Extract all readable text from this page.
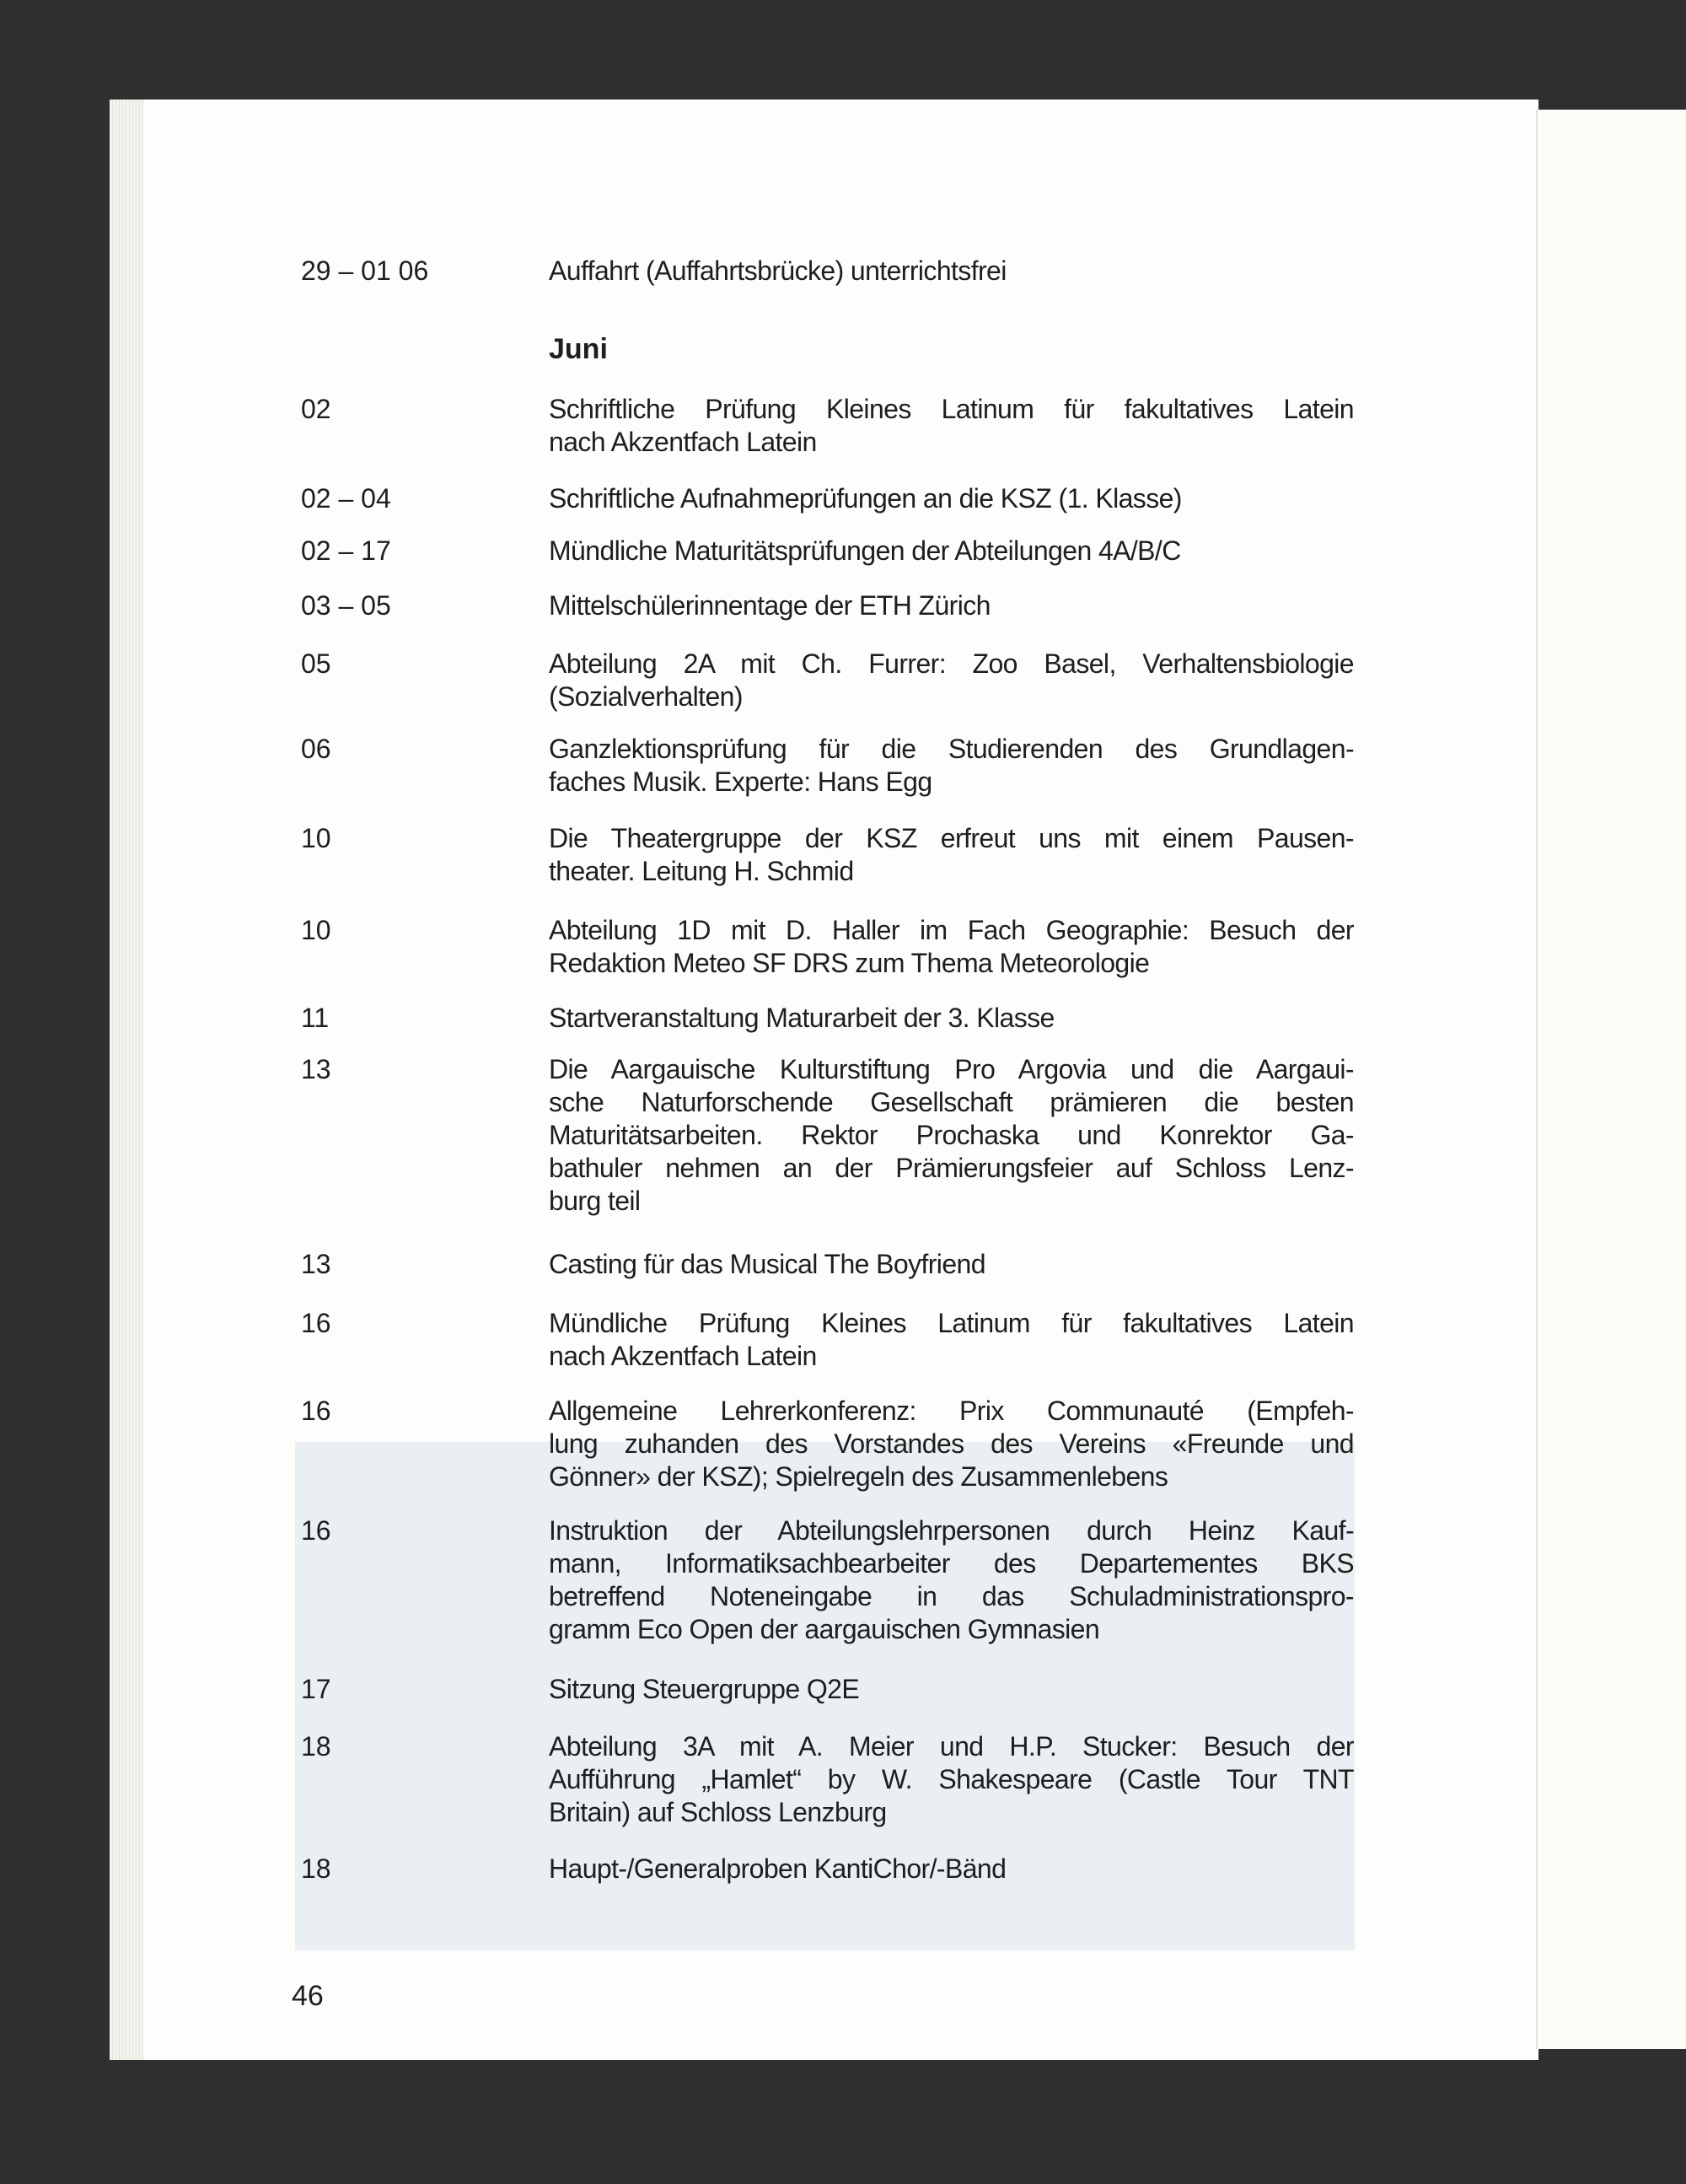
Juni
29 – 01 06	Auffahrt (Auffahrtsbrücke) unterrichtsfrei
02	Schriftliche Prüfung Kleines Latinum für fakultatives Latein
nach Akzentfach Latein
02 – 04	Schriftliche Aufnahmeprüfungen an die KSZ (1. Klasse)
02 – 17	Mündliche Maturitätsprüfungen der Abteilungen 4A/B/C
03 – 05	Mittelschülerinnentage der ETH Zürich
05	Abteilung 2A mit Ch. Furrer: Zoo Basel, Verhaltensbiologie
(Sozialverhalten)
06	Ganzlektionsprüfung für die Studierenden des Grundlagen-
faches Musik. Experte: Hans Egg
10	Die Theatergruppe der KSZ erfreut uns mit einem Pausen-
theater. Leitung H. Schmid
10	Abteilung 1D mit D. Haller im Fach Geographie: Besuch der
Redaktion Meteo SF DRS zum Thema Meteorologie
11	Startveranstaltung Maturarbeit der 3. Klasse
13	Die Aargauische Kulturstiftung Pro Argovia und die Aargaui-
sche Naturforschende Gesellschaft prämieren die besten
Maturitätsarbeiten. Rektor Prochaska und Konrektor Ga-
bathuler nehmen an der Prämierungsfeier auf Schloss Lenz-
burg teil
13	Casting für das Musical The Boyfriend
16	Mündliche Prüfung Kleines Latinum für fakultatives Latein
nach Akzentfach Latein
16	Allgemeine Lehrerkonferenz: Prix Communauté (Empfeh-
lung zuhanden des Vorstandes des Vereins «Freunde und
Gönner» der KSZ); Spielregeln des Zusammenlebens
16	Instruktion der Abteilungslehrpersonen durch Heinz Kauf-
mann, Informatiksachbearbeiter des Departementes BKS
betreffend Noteneingabe in das Schuladministrationspro-
gramm Eco Open der aargauischen Gymnasien
17	Sitzung Steuergruppe Q2E
18	Abteilung 3A mit A. Meier und H.P. Stucker: Besuch der
Aufführung „Hamlet“ by W. Shakespeare (Castle Tour TNT
Britain) auf Schloss Lenzburg
18	Haupt-/Generalproben KantiChor/-Bänd
46
